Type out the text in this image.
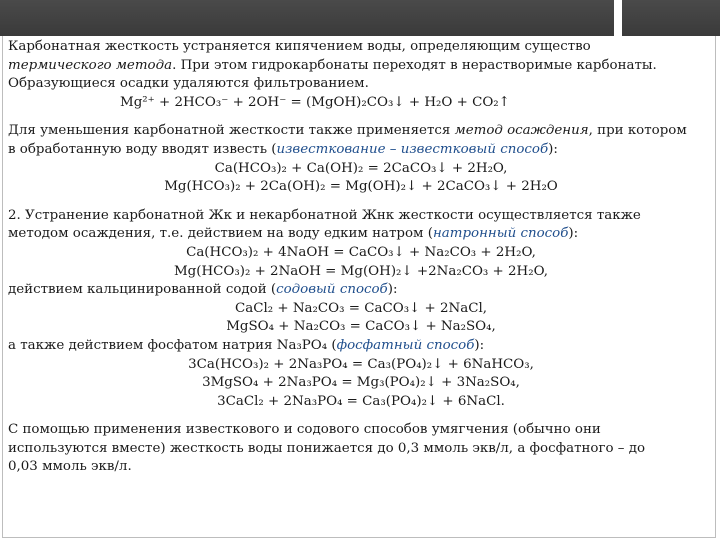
Карбонатная жесткость устраняется кипячением воды, определяющим существо
термического метода. При этом гидрокарбонаты переходят в нерастворимые карбонаты.
Образующиеся осадки удаляются фильтрованием.
Mg²⁺ + 2HCO₃⁻ + 2OH⁻ = (MgOH)₂CO₃↓ + H₂O + CO₂↑
Для уменьшения карбонатной жесткости также применяется метод осаждения, при котором
в обработанную воду вводят известь (известкование – известковый способ):
Ca(HCO₃)₂ + Ca(OH)₂ = 2CaCO₃↓ + 2H₂O,
Mg(HCO₃)₂ + 2Ca(OH)₂ = Mg(OH)₂↓ + 2CaCO₃↓ + 2H₂O
2. Устранение карбонатной Жк и некарбонатной Жнк жесткости осуществляется также
методом осаждения, т.е. действием на воду едким натром (натронный способ):
Ca(HCO₃)₂ + 4NaOH = CaCO₃↓ + Na₂CO₃ + 2H₂O,
Mg(HCO₃)₂ + 2NaOH = Mg(OH)₂↓ +2Na₂CO₃ + 2H₂O,
действием кальцинированной содой (содовый способ):
CaCl₂ + Na₂CO₃ = CaCO₃↓ + 2NaCl,
MgSO₄ + Na₂CO₃ = CaCO₃↓ + Na₂SO₄,
а также действием фосфатом натрия Na₃PO₄ (фосфатный способ):
3Ca(HCO₃)₂ + 2Na₃PO₄ = Ca₃(PO₄)₂↓ + 6NaHCO₃,
3MgSO₄ + 2Na₃PO₄ = Mg₃(PO₄)₂↓ + 3Na₂SO₄,
3CaCl₂ + 2Na₃PO₄ = Ca₃(PO₄)₂↓ + 6NaCl.
С помощью применения известкового и содового способов умягчения (обычно они
используются вместе) жесткость воды понижается до 0,3 ммоль экв/л, а фосфатного – до
0,03 ммоль экв/л.
